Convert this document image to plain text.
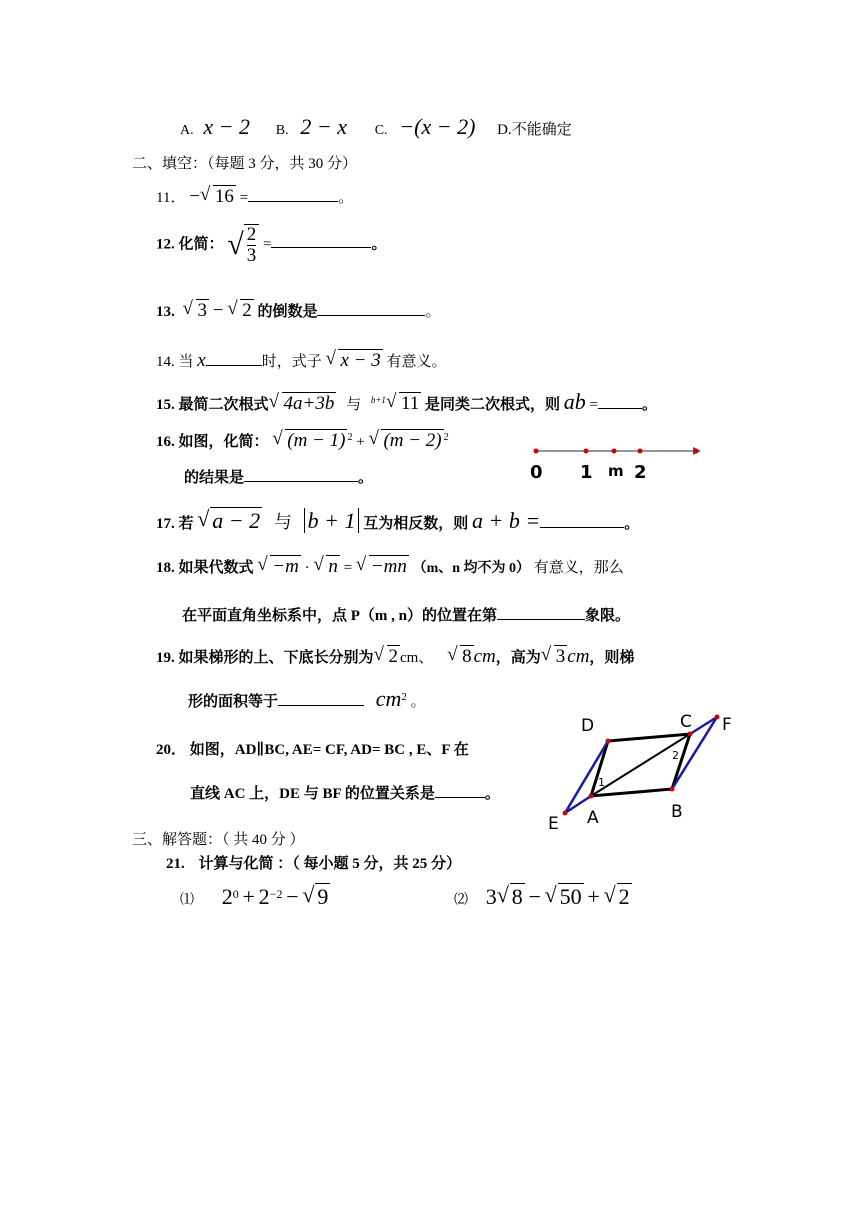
A. x − 2 B. 2 − x C. −(x − 2) D.不能确定
二、填空：（每题 3 分，共 30 分）
11． − √ 16 =	。
12. 化简： √ $\frac{2}{3}$ =	。
13. √ 3 − √ 2 的倒数是	。
14. 当 x	时，式子 √ x − 3 有意义。
15. 最简二次根式 √ 4a+3b 与 $^{b+1}$ √ 11 是同类二次根式，则 ab =	。
16. 如图，化简： √ (m − 1) $^2$ + √ (m − 2) $^2$
的结果是	。	0 1 m 2
17. 若 √ a − 2 与 b + 1 互为相反数，则 a + b =	。
18. 如果代数式 √ −m · √ n = √ −mn （m、n 均不为 0） 有意义，那么
在平面直角坐标系中，点 P（m , n）的位置在第	象限。
19. 如果梯形的上、下底长分别为 √ 2 cm、 √ 8 cm，高为 √ 3 cm，则梯
形的面积等于	$cm^2$ 。
20． 如图，AD∥BC, AE= CF, AD= BC , E、F 在
直线 AC 上，DE 与 BF 的位置关系是	。
D	C F
E A	B
1
2
三、解答题：（ 共 40 分 ）
21. 计算与化简 ：（ 每小题 5 分，共 25 分）
⑴ $2^0 + 2^{-2}$ − √ 9	⑵ 3 √ 8 − √ 50 + √ 2
